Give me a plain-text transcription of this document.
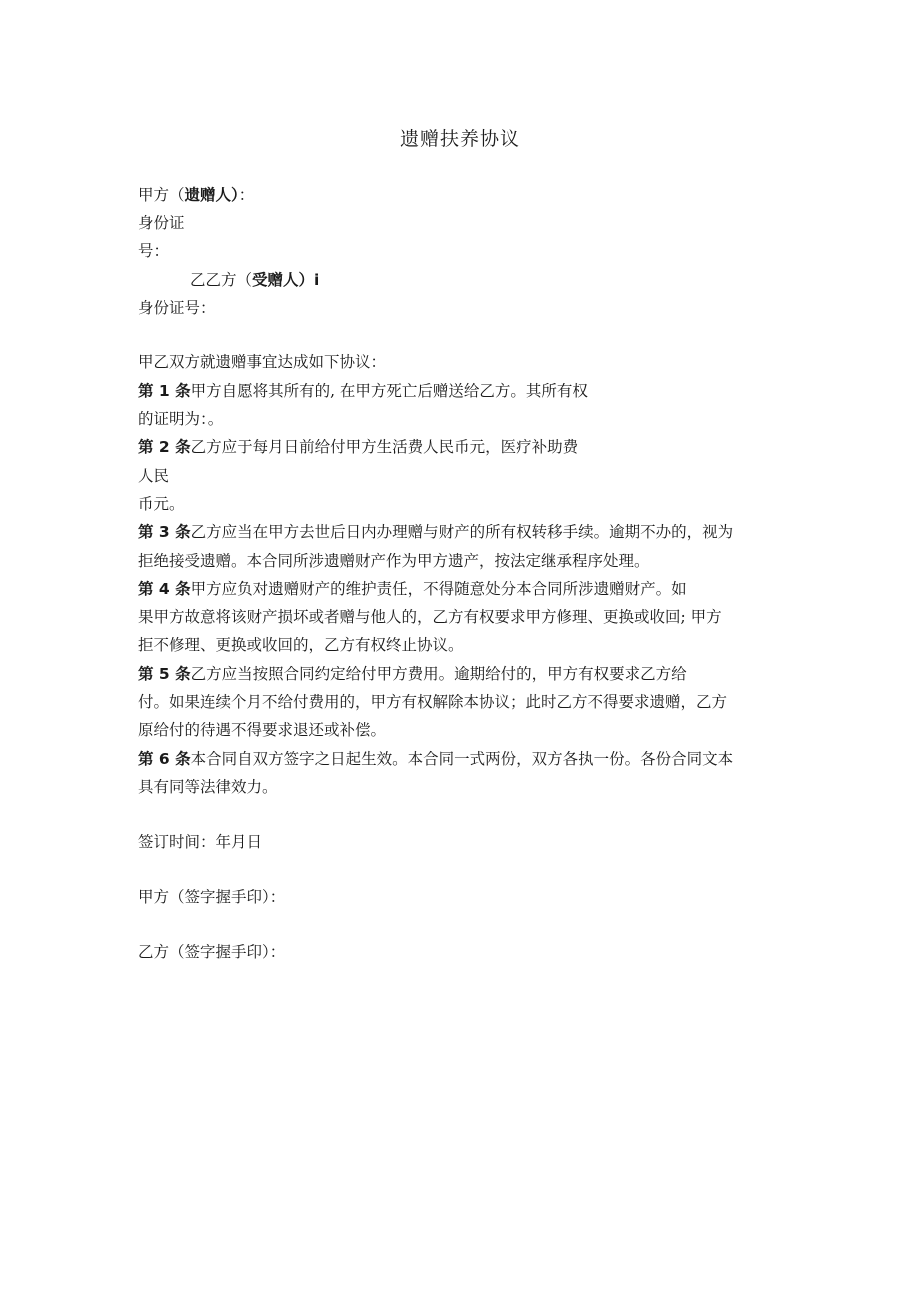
遗赠扶养协议
甲方（遗赠人）：
身份证
号：
乙乙方（受赠人）i
身份证号：
甲乙双方就遗赠事宜达成如下协议：
第 1 条甲方自愿将其所有的, 在甲方死亡后赠送给乙方。其所有权
的证明为：。
第 2 条乙方应于每月日前给付甲方生活费人民币元，医疗补助费
人民
币元。
第 3 条乙方应当在甲方去世后日内办理赠与财产的所有权转移手续。逾期不办的，视为
拒绝接受遗赠。本合同所涉遗赠财产作为甲方遗产，按法定继承程序处理。
第 4 条甲方应负对遗赠财产的维护责任，不得随意处分本合同所涉遗赠财产。如
果甲方故意将该财产损坏或者赠与他人的，乙方有权要求甲方修理、更换或收回; 甲方
拒不修理、更换或收回的，乙方有权终止协议。
第 5 条乙方应当按照合同约定给付甲方费用。逾期给付的，甲方有权要求乙方给
付。如果连续个月不给付费用的，甲方有权解除本协议；此时乙方不得要求遗赠，乙方
原给付的待遇不得要求退还或补偿。
第 6 条本合同自双方签字之日起生效。本合同一式两份，双方各执一份。各份合同文本
具有同等法律效力。
签订时间：年月日
甲方（签字握手印）：
乙方（签字握手印）：
